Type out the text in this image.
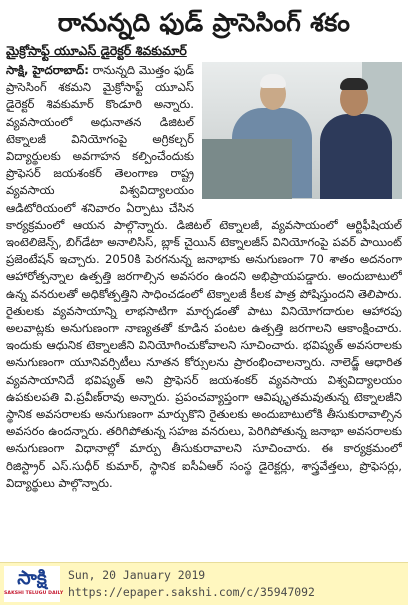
రానున్నది ఫుడ్ ప్రాసెసింగ్ శకం
మైక్రోసాఫ్ట్ యూఎస్ డైరెక్టర్ శివకుమార్

సాక్షి, హైదరాబాద్: రానున్నది మొత్తం ఫుడ్ ప్రాసెసింగ్ శకమని మైక్రోసాఫ్ట్ యూఎస్ డైరెక్టర్ శివకుమార్ కొండూరి అన్నారు. వ్యవసాయంలో అధునాతన డిజిటల్ టెక్నాలజీ వినియోగంపై అగ్రికల్చర్ విద్యార్థులకు అవగాహన కల్పించేందుకు ప్రొఫెసర్ జయశంకర్ తెలంగాణ రాష్ట్ర వ్యవసాయ విశ్వవిద్యాలయం ఆడిటోరియంలో శనివారం ఏర్పాటు చేసిన కార్యక్రమంలో ఆయన పాల్గొన్నారు. డిజిటల్ టెక్నాలజీ, వ్యవసాయంలో ఆర్టిఫీషియల్ ఇంటెలిజెన్స్, బిగ్‌డేటా అనాలిసిస్, బ్లాక్ చైయిన్ టెక్నాలజీస్ వినియోగంపై పవర్ పాయింట్ ప్రజెంటేషన్ ఇచ్చారు. 2050కి పెరగనున్న జనాభాకు అనుగుణంగా 70 శాతం అదనంగా ఆహారోత్పన్నాల ఉత్పత్తి జరగాల్సిన అవసరం ఉందని అభిప్రాయపడ్డారు. అందుబాటులో ఉన్న వనరులతో అధికోత్పత్తిని సాధించడంలో టెక్నాలజీ కీలక పాత్ర పోషిస్తుందని తెలిపారు. రైతులకు వ్యవసాయాన్ని లాభసాటిగా మార్చడంతో పాటు వినియోగదారుల ఆహారపు అలవాట్లకు అనుగుణంగా నాణ్యతతో కూడిన పంటల ఉత్పత్తి జరగాలని ఆకాంక్షించారు. ఇందుకు ఆధునిక టెక్నాలజీని వినియోగించుకోవాలని సూచించారు. భవిష్యత్ అవసరాలకు అనుగుణంగా యూనివర్సిటీలు నూతన కోర్సులను ప్రారంభించాలన్నారు. నాలెడ్జ్ ఆధారిత వ్యవసాయానిదే భవిష్యత్ అని ప్రొఫెసర్ జయశంకర్ వ్యవసాయ విశ్వవిద్యాలయం ఉపకులపతి వి.ప్రవీణ్‌రావు అన్నారు. ప్రపంచవ్యాప్తంగా ఆవిష్కృతమవుతున్న టెక్నాలజీని స్థానిక అవసరాలకు అనుగుణంగా మార్చుకొని రైతులకు అందుబాటులోకి తీసుకురావాల్సిన అవసరం ఉందన్నారు. తరిగిపోతున్న సహజ వనరులు, పెరిగిపోతున్న జనాభా అవసరాలకు అనుగుణంగా విధానాల్లో మార్పు తీసుకురావాలని సూచించారు. ఈ కార్యక్రమంలో రిజిస్ట్రార్ ఎస్.సుధీర్ కుమార్, స్థానిక ఐసీఏఆర్ సంస్థ డైరెక్టర్లు, శాస్త్రవేత్తలు, ప్రొఫెసర్లు, విద్యార్థులు పాల్గొన్నారు.

సాక్షి
SAKSHI TELUGU DAILY
Sun, 20 January 2019
https://epaper.sakshi.com/c/35947092
